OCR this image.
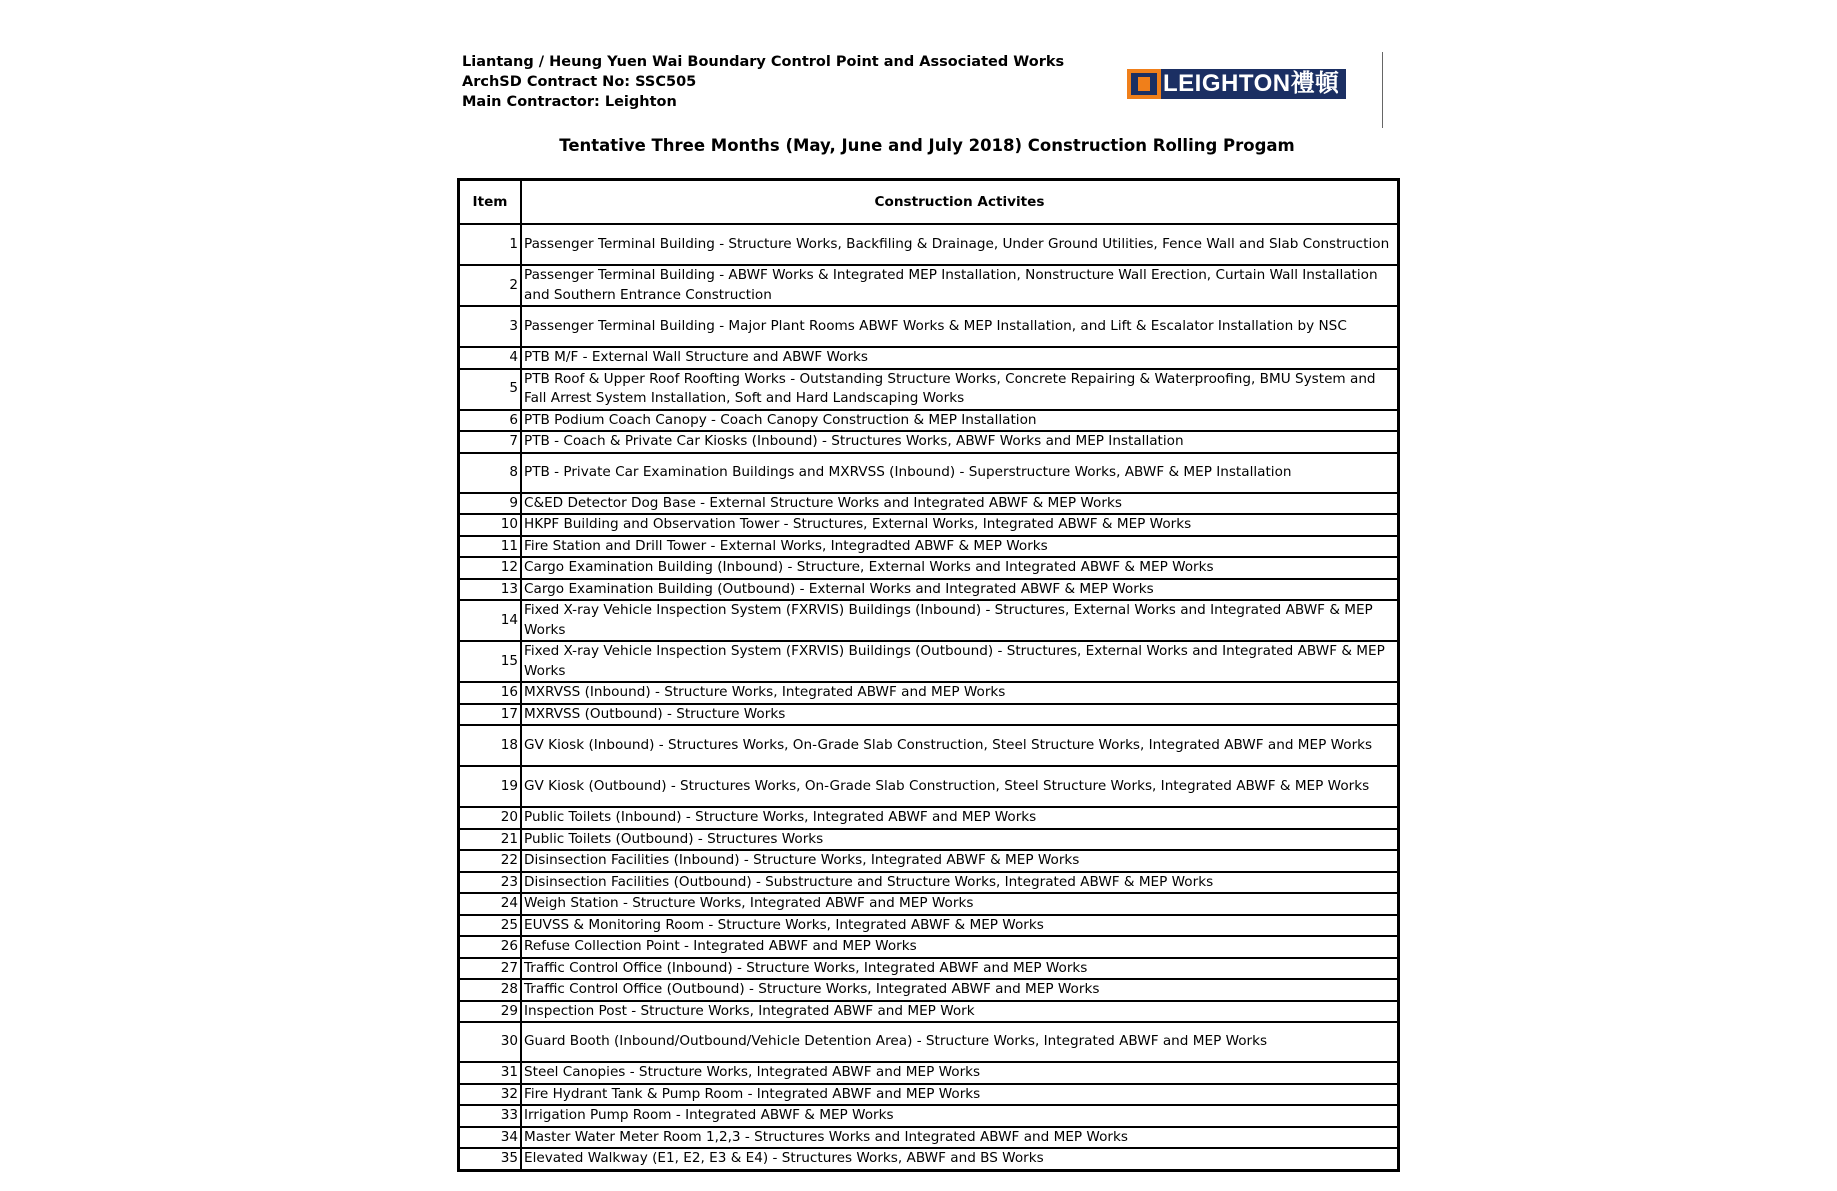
Liantang / Heung Yuen Wai Boundary Control Point and Associated Works
ArchSD Contract No: SSC505
Main Contractor: Leighton
LEIGHTON禮頓
Tentative Three Months (May, June and July 2018) Construction Rolling Progam
Item	Construction Activites
1	Passenger Terminal Building - Structure Works, Backfiling & Drainage, Under Ground Utilities, Fence Wall and Slab Construction
2	Passenger Terminal Building - ABWF Works & Integrated MEP Installation, Nonstructure Wall Erection, Curtain Wall Installation and Southern Entrance Construction
3	Passenger Terminal Building - Major Plant Rooms ABWF Works & MEP Installation, and Lift & Escalator Installation by NSC
4	PTB M/F - External Wall Structure and ABWF Works
5	PTB Roof & Upper Roof Roofting Works - Outstanding Structure Works, Concrete Repairing & Waterproofing, BMU System and Fall Arrest System Installation, Soft and Hard Landscaping Works
6	PTB Podium Coach Canopy - Coach Canopy Construction & MEP Installation
7	PTB - Coach & Private Car Kiosks (Inbound) - Structures Works, ABWF Works and MEP Installation
8	PTB - Private Car Examination Buildings and MXRVSS (Inbound) - Superstructure Works, ABWF & MEP Installation
9	C&ED Detector Dog Base - External Structure Works and Integrated ABWF & MEP Works
10	HKPF Building and Observation Tower - Structures, External Works, Integrated ABWF & MEP Works
11	Fire Station and Drill Tower - External Works, Integradted ABWF & MEP Works
12	Cargo Examination Building (Inbound) - Structure, External Works and Integrated ABWF & MEP Works
13	Cargo Examination Building (Outbound) - External Works and Integrated ABWF & MEP Works
14	Fixed X-ray Vehicle Inspection System (FXRVIS) Buildings (Inbound) - Structures, External Works and Integrated ABWF & MEP Works
15	Fixed X-ray Vehicle Inspection System (FXRVIS) Buildings (Outbound) - Structures, External Works and Integrated ABWF & MEP Works
16	MXRVSS (Inbound) - Structure Works, Integrated ABWF and MEP Works
17	MXRVSS (Outbound) - Structure Works
18	GV Kiosk (Inbound) - Structures Works, On-Grade Slab Construction, Steel Structure Works, Integrated ABWF and MEP Works
19	GV Kiosk (Outbound) - Structures Works, On-Grade Slab Construction, Steel Structure Works, Integrated ABWF & MEP Works
20	Public Toilets (Inbound) - Structure Works, Integrated ABWF and MEP Works
21	Public Toilets (Outbound) - Structures Works
22	Disinsection Facilities (Inbound) - Structure Works, Integrated ABWF & MEP Works
23	Disinsection Facilities (Outbound) - Substructure and Structure Works, Integrated ABWF & MEP Works
24	Weigh Station - Structure Works, Integrated ABWF and MEP Works
25	EUVSS & Monitoring Room - Structure Works, Integrated ABWF & MEP Works
26	Refuse Collection Point - Integrated ABWF and MEP Works
27	Traffic Control Office (Inbound) - Structure Works, Integrated ABWF and MEP Works
28	Traffic Control Office (Outbound) - Structure Works, Integrated ABWF and MEP Works
29	Inspection Post - Structure Works, Integrated ABWF and MEP Work
30	Guard Booth (Inbound/Outbound/Vehicle Detention Area) - Structure Works, Integrated ABWF and MEP Works
31	Steel Canopies - Structure Works, Integrated ABWF and MEP Works
32	Fire Hydrant Tank & Pump Room - Integrated ABWF and MEP Works
33	Irrigation Pump Room - Integrated ABWF & MEP Works
34	Master Water Meter Room 1,2,3 - Structures Works and Integrated ABWF and MEP Works
35	Elevated Walkway (E1, E2, E3 & E4) - Structures Works, ABWF and BS Works
